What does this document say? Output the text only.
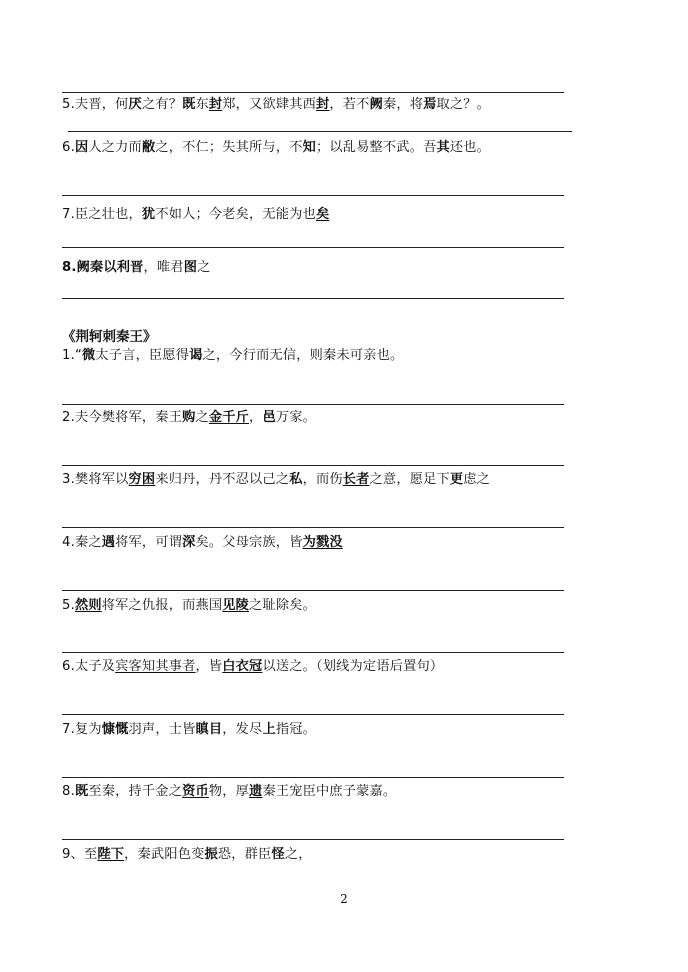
5.夫晋，何厌之有？既东封郑，又欲肆其西封，若不阙秦，将焉取之？。
6.因人之力而敝之，不仁；失其所与，不知；以乱易整不武。吾其还也。
7.臣之壮也，犹不如人；今老矣，无能为也矣
8.阙秦以利晋，唯君图之
《荆轲刺秦王》
1.“微太子言，臣愿得谒之，今行而无信，则秦未可亲也。
2.夫今樊将军，秦王购之金千斤，邑万家。
3.樊将军以穷困来归丹，丹不忍以己之私，而伤长者之意，愿足下更虑之
4.秦之遇将军，可谓深矣。父母宗族，皆为戮没
5.然则将军之仇报，而燕国见陵之耻除矣。
6.太子及宾客知其事者，皆白衣冠以送之。（划线为定语后置句）
7.复为慷慨羽声，士皆瞋目，发尽上指冠。
8.既至秦，持千金之资币物，厚遗秦王宠臣中庶子蒙嘉。
9、至陛下，秦武阳色变振恐，群臣怪之，
2
